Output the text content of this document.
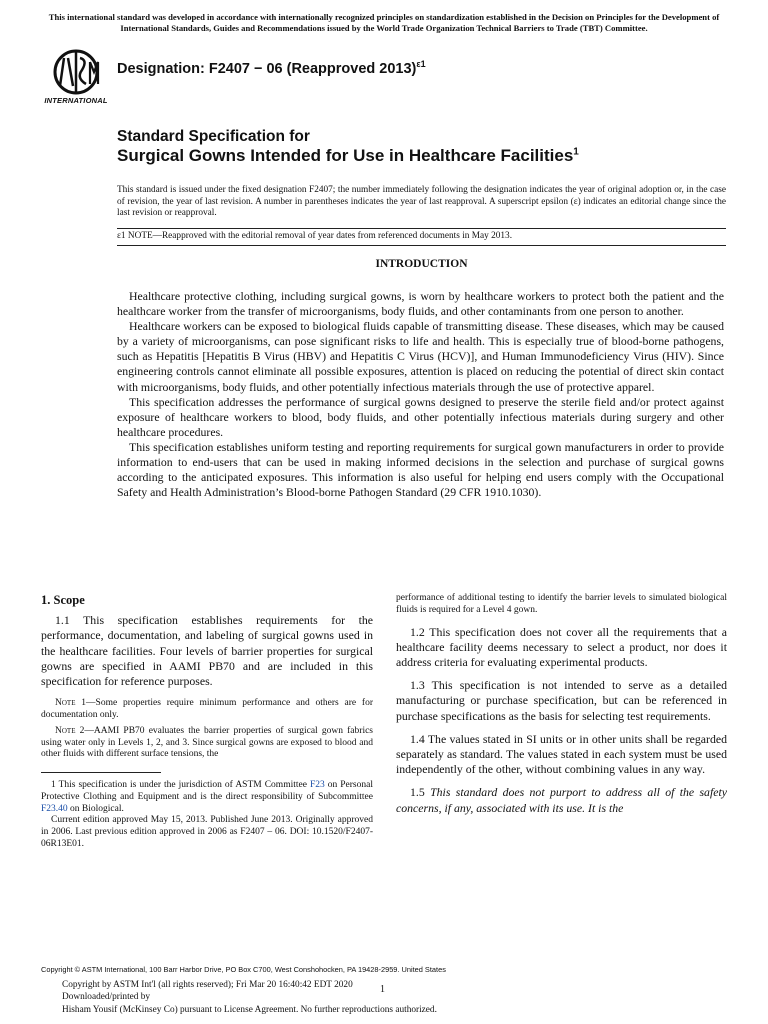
This international standard was developed in accordance with internationally recognized principles on standardization established in the Decision on Principles for the Development of International Standards, Guides and Recommendations issued by the World Trade Organization Technical Barriers to Trade (TBT) Committee.
INTERNATIONAL
Designation: F2407 − 06 (Reapproved 2013)$^{\varepsilon 1}$
Standard Specification for
Surgical Gowns Intended for Use in Healthcare Facilities$^1$
This standard is issued under the fixed designation F2407; the number immediately following the designation indicates the year of original adoption or, in the case of revision, the year of last revision. A number in parentheses indicates the year of last reapproval. A superscript epsilon (ε) indicates an editorial change since the last revision or reapproval.
ε1 NOTE—Reapproved with the editorial removal of year dates from referenced documents in May 2013.
INTRODUCTION

Healthcare protective clothing, including surgical gowns, is worn by healthcare workers to protect both the patient and the healthcare worker from the transfer of microorganisms, body fluids, and other contaminants from one person to another.

Healthcare workers can be exposed to biological fluids capable of transmitting disease. These diseases, which may be caused by a variety of microorganisms, can pose significant risks to life and health. This is especially true of blood-borne pathogens, such as Hepatitis [Hepatitis B Virus (HBV) and Hepatitis C Virus (HCV)], and Human Immunodeficiency Virus (HIV). Since engineering controls cannot eliminate all possible exposures, attention is placed on reducing the potential of direct skin contact with microorganisms, body fluids, and other potentially infectious materials through the use of protective apparel.

This specification addresses the performance of surgical gowns designed to preserve the sterile field and/or protect against exposure of healthcare workers to blood, body fluids, and other potentially infectious materials during surgery and other healthcare procedures.

This specification establishes uniform testing and reporting requirements for surgical gown manufacturers in order to provide information to end-users that can be used in making informed decisions in the selection and purchase of surgical gowns according to the anticipated exposures. This information is also useful for helping end users comply with the Occupational Safety and Health Administration’s Blood-borne Pathogen Standard (29 CFR 1910.1030).

1. Scope

1.1 This specification establishes requirements for the performance, documentation, and labeling of surgical gowns used in the healthcare facilities. Four levels of barrier properties for surgical gowns are specified in AAMI PB70 and are included in this specification for reference purposes.

Note 1—Some properties require minimum performance and others are for documentation only.

Note 2—AAMI PB70 evaluates the barrier properties of surgical gown fabrics using water only in Levels 1, 2, and 3. Since surgical gowns are exposed to blood and other fluids with different surface tensions, the

1 This specification is under the jurisdiction of ASTM Committee F23 on Personal Protective Clothing and Equipment and is the direct responsibility of Subcommittee F23.40 on Biological.

Current edition approved May 15, 2013. Published June 2013. Originally approved in 2006. Last previous edition approved in 2006 as F2407 – 06. DOI: 10.1520/F2407-06R13E01.

performance of additional testing to identify the barrier levels to simulated biological fluids is required for a Level 4 gown.

1.2 This specification does not cover all the requirements that a healthcare facility deems necessary to select a product, nor does it address criteria for evaluating experimental products.

1.3 This specification is not intended to serve as a detailed manufacturing or purchase specification, but can be referenced in purchase specifications as the basis for selecting test requirements.

1.4 The values stated in SI units or in other units shall be regarded separately as standard. The values stated in each system must be used independently of the other, without combining values in any way.

1.5 This standard does not purport to address all of the safety concerns, if any, associated with its use. It is the

Copyright © ASTM International, 100 Barr Harbor Drive, PO Box C700, West Conshohocken, PA 19428-2959. United States
Copyright by ASTM Int'l (all rights reserved); Fri Mar 20 16:40:42 EDT 2020
Downloaded/printed by
Hisham Yousif (McKinsey Co) pursuant to License Agreement. No further reproductions authorized.
1
